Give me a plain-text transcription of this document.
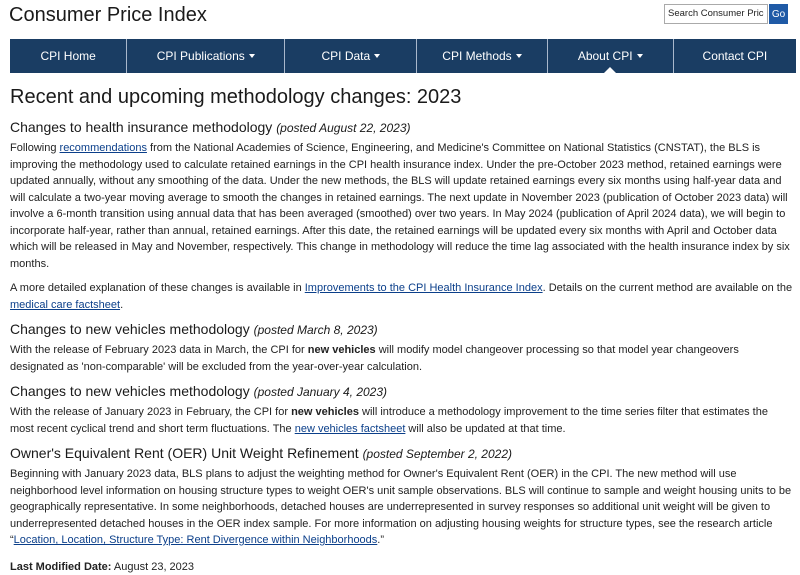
Consumer Price Index
Search Consumer Price Index	Go
CPI Home	CPI Publications	CPI Data	CPI Methods	About CPI	Contact CPI
Recent and upcoming methodology changes: 2023
Changes to health insurance methodology (posted August 22, 2023)

Following recommendations from the National Academies of Science, Engineering, and Medicine's Committee on National Statistics (CNSTAT), the BLS is improving the methodology used to calculate retained earnings in the CPI health insurance index. Under the pre-October 2023 method, retained earnings were updated annually, without any smoothing of the data. Under the new methods, the BLS will update retained earnings every six months using half-year data and will calculate a two-year moving average to smooth the changes in retained earnings. The next update in November 2023 (publication of October 2023 data) will involve a 6-month transition using annual data that has been averaged (smoothed) over two years. In May 2024 (publication of April 2024 data), we will begin to incorporate half-year, rather than annual, retained earnings. After this date, the retained earnings will be updated every six months with April and October data which will be released in May and November, respectively. This change in methodology will reduce the time lag associated with the health insurance index by six months.

A more detailed explanation of these changes is available in Improvements to the CPI Health Insurance Index. Details on the current method are available on the medical care factsheet.

Changes to new vehicles methodology (posted March 8, 2023)

With the release of February 2023 data in March, the CPI for new vehicles will modify model changeover processing so that model year changeovers designated as 'non-comparable' will be excluded from the year-over-year calculation.

Changes to new vehicles methodology (posted January 4, 2023)

With the release of January 2023 in February, the CPI for new vehicles will introduce a methodology improvement to the time series filter that estimates the most recent cyclical trend and short term fluctuations. The new vehicles factsheet will also be updated at that time.

Owner's Equivalent Rent (OER) Unit Weight Refinement (posted September 2, 2022)

Beginning with January 2023 data, BLS plans to adjust the weighting method for Owner's Equivalent Rent (OER) in the CPI. The new method will use neighborhood level information on housing structure types to weight OER's unit sample observations. BLS will continue to sample and weight housing units to be geographically representative. In some neighborhoods, detached houses are underrepresented in survey responses so additional unit weight will be given to underrepresented detached houses in the OER index sample. For more information on adjusting housing weights for structure types, see the research article “Location, Location, Structure Type: Rent Divergence within Neighborhoods.”

Last Modified Date: August 23, 2023
